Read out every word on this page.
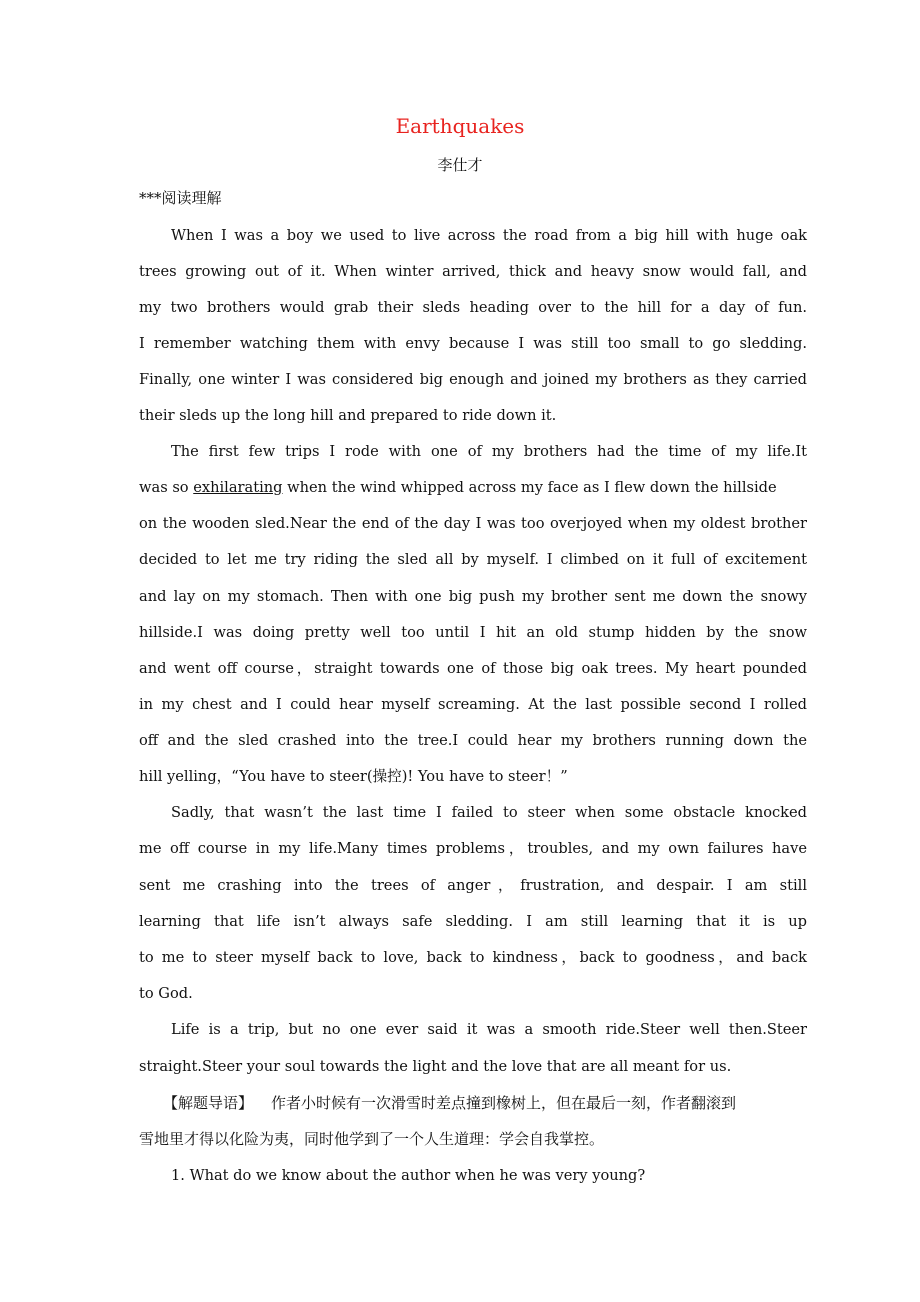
Earthquakes
李仕才
***阅读理解
When I was a boy we used to live across the road from a big hill with huge oak
trees growing out of it. When winter arrived, thick and heavy snow would fall, and
my two brothers would grab their sleds heading over to the hill for a day of fun.
I remember watching them with envy because I was still too small to go sledding.
Finally, one winter I was considered big enough and joined my brothers as they carried
their sleds up the long hill and prepared to ride down it.
The first few trips I rode with one of my brothers had the time of my life.It
was so exhilarating when the wind whipped across my face as I flew down the hillside
on the wooden sled.Near the end of the day I was too overjoyed when my oldest brother
decided to let me try riding the sled all by myself. I climbed on it full of excitement
and lay on my stomach. Then with one big push my brother sent me down the snowy
hillside.I was doing pretty well too until I hit an old stump hidden by the snow
and went off course，straight towards one of those big oak trees. My heart pounded
in my chest and I could hear myself screaming. At the last possible second I rolled
off and the sled crashed into the tree.I could hear my brothers running down the
hill yelling，“You have to steer(操控)! You have to steer！”
Sadly, that wasn’t the last time I failed to steer when some obstacle knocked
me off course in my life.Many times problems，troubles, and my own failures have
sent me crashing into the trees of anger，frustration, and despair. I am still
learning that life isn’t always safe sledding. I am still learning that it is up
to me to steer myself back to love, back to kindness，back to goodness，and back
to God.
Life is a trip, but no one ever said it was a smooth ride.Steer well then.Steer
straight.Steer your soul towards the light and the love that are all meant for us.
【解题导语】 作者小时候有一次滑雪时差点撞到橡树上，但在最后一刻，作者翻滚到
雪地里才得以化险为夷，同时他学到了一个人生道理：学会自我掌控。
1. What do we know about the author when he was very young?
